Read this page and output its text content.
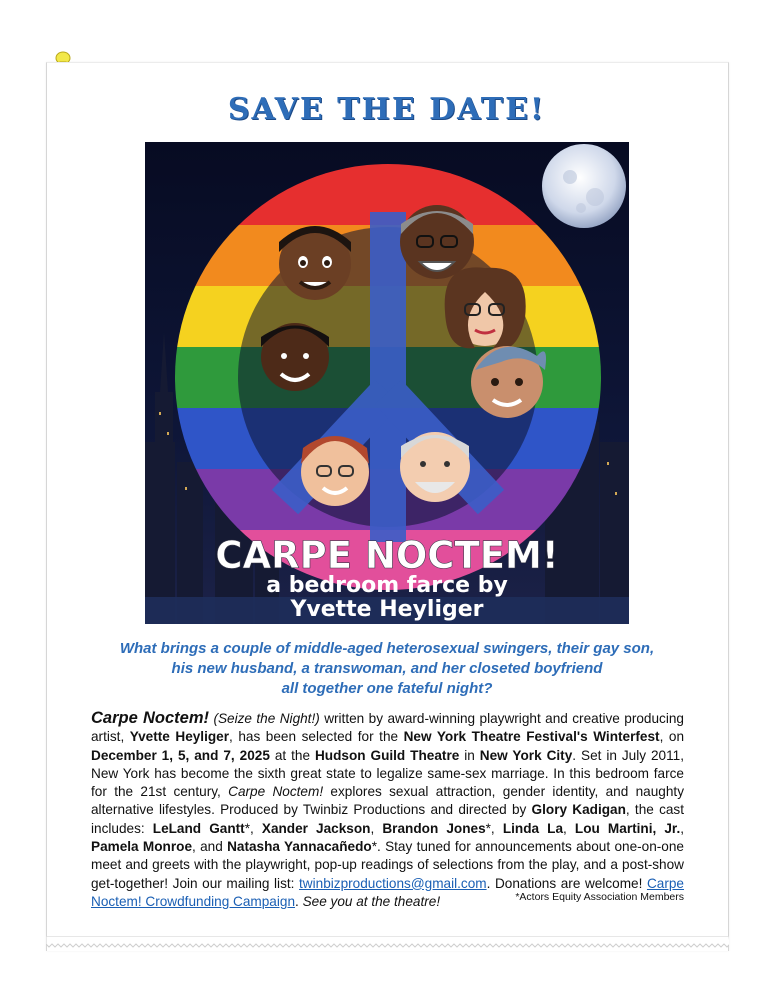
SAVE THE DATE!
CARPE NOCTEM!
a bedroom farce by
Yvette Heyliger
What brings a couple of middle-aged heterosexual swingers, their gay son,
his new husband, a transwoman, and her closeted boyfriend
all together one fateful night?
Carpe Noctem! (Seize the Night!) written by award-winning playwright and creative producing artist, Yvette Heyliger, has been selected for the New York Theatre Festival's Winterfest, on December 1, 5, and 7, 2025 at the Hudson Guild Theatre in New York City. Set in July 2011, New York has become the sixth great state to legalize same-sex marriage. In this bedroom farce for the 21st century, Carpe Noctem! explores sexual attraction, gender identity, and naughty alternative lifestyles. Produced by Twinbiz Productions and directed by Glory Kadigan, the cast includes: LeLand Gantt*, Xander Jackson, Brandon Jones*, Linda La, Lou Martini, Jr., Pamela Monroe, and Natasha Yannacañedo*. Stay tuned for announcements about one-on-one meet and greets with the playwright, pop-up readings of selections from the play, and a post-show get-together! Join our mailing list: twinbizproductions@gmail.com. Donations are welcome! Carpe Noctem! Crowdfunding Campaign. See you at the theatre!	*Actors Equity Association Members
